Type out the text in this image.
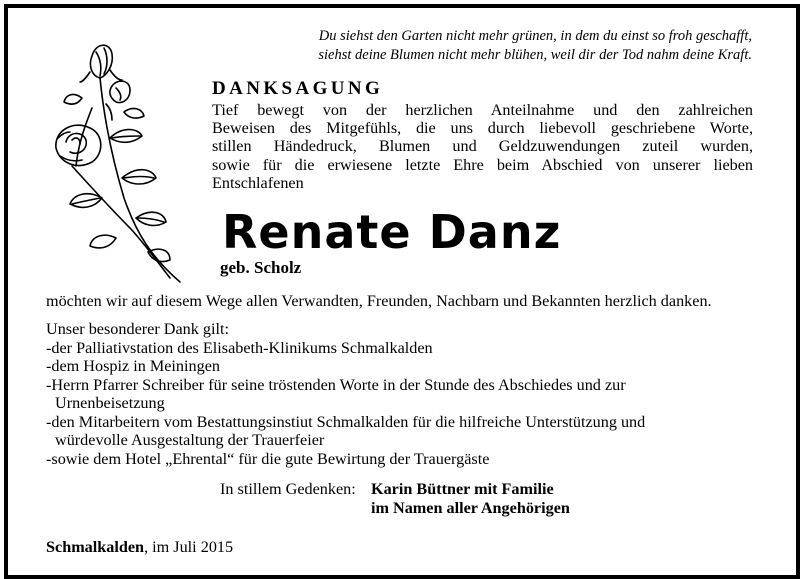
Du siehst den Garten nicht mehr grünen, in dem du einst so froh geschafft,
siehst deine Blumen nicht mehr blühen, weil dir der Tod nahm deine Kraft.
DANKSAGUNG
Tief bewegt von der herzlichen Anteilnahme und den zahlreichen
Beweisen des Mitgefühls, die uns durch liebevoll geschriebene Worte,
stillen Händedruck, Blumen und Geldzuwendungen zuteil wurden,
sowie für die erwiesene letzte Ehre beim Abschied von unserer lieben
Entschlafenen
Renate Danz
geb. Scholz
möchten wir auf diesem Wege allen Verwandten, Freunden, Nachbarn und Bekannten herzlich danken.
Unser besonderer Dank gilt:
-der Palliativstation des Elisabeth-Klinikums Schmalkalden
-dem Hospiz in Meiningen
-Herrn Pfarrer Schreiber für seine tröstenden Worte in der Stunde des Abschiedes und zur
Urnenbeisetzung
-den Mitarbeitern vom Bestattungsinstiut Schmalkalden für die hilfreiche Unterstützung und
würdevolle Ausgestaltung der Trauerfeier
-sowie dem Hotel „Ehrental“ für die gute Bewirtung der Trauergäste
In stillem Gedenken: Karin Büttner mit Familie
im Namen aller Angehörigen
Schmalkalden, im Juli 2015
